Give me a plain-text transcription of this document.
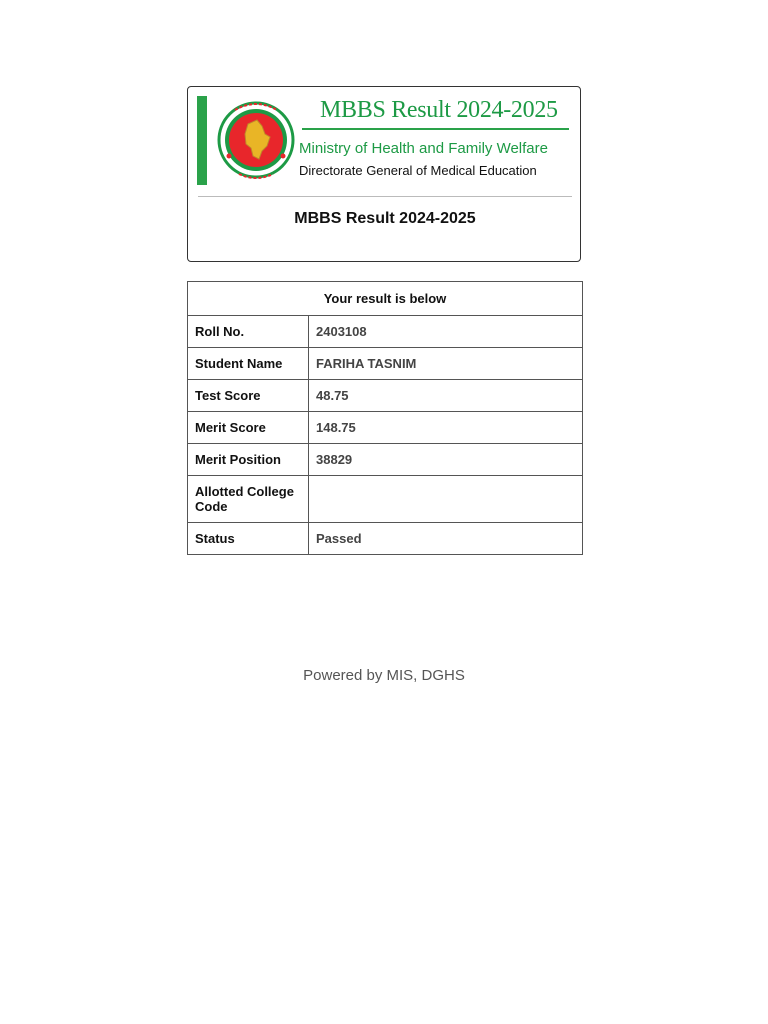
MBBS Result 2024-2025
Ministry of Health and Family Welfare
Directorate General of Medical Education
MBBS Result 2024-2025
Your result is below	
Roll No.	2403108
Student Name	FARIHA TASNIM
Test Score	48.75
Merit Score	148.75
Merit Position	38829
Allotted College Code	
Status	Passed
Powered by MIS, DGHS
